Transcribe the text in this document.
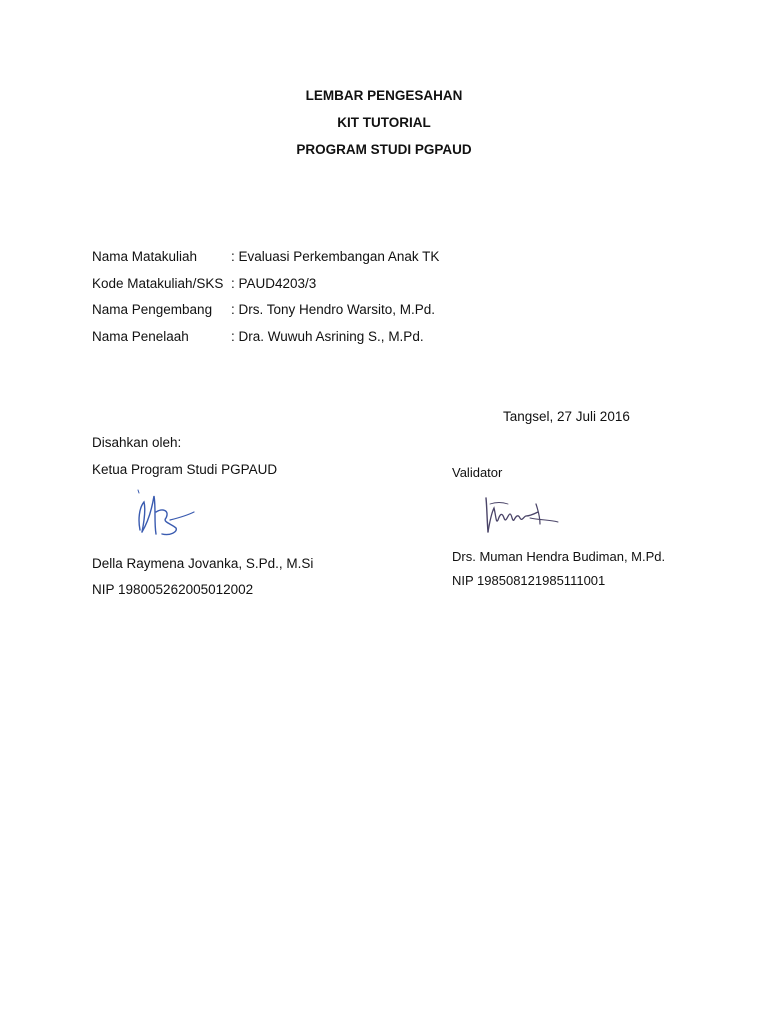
LEMBAR PENGESAHAN
KIT TUTORIAL
PROGRAM STUDI PGPAUD
Nama Matakuliah	: Evaluasi Perkembangan Anak TK
Kode Matakuliah/SKS : PAUD4203/3
Nama Pengembang : Drs. Tony Hendro Warsito, M.Pd.
Nama Penelaah	: Dra. Wuwuh Asrining S., M.Pd.
Tangsel, 27 Juli 2016
Disahkan oleh:
Ketua Program Studi PGPAUD
Della Raymena Jovanka, S.Pd., M.Si
NIP 198005262005012002
Validator
Drs. Muman Hendra Budiman, M.Pd.
NIP 198508121985111001
